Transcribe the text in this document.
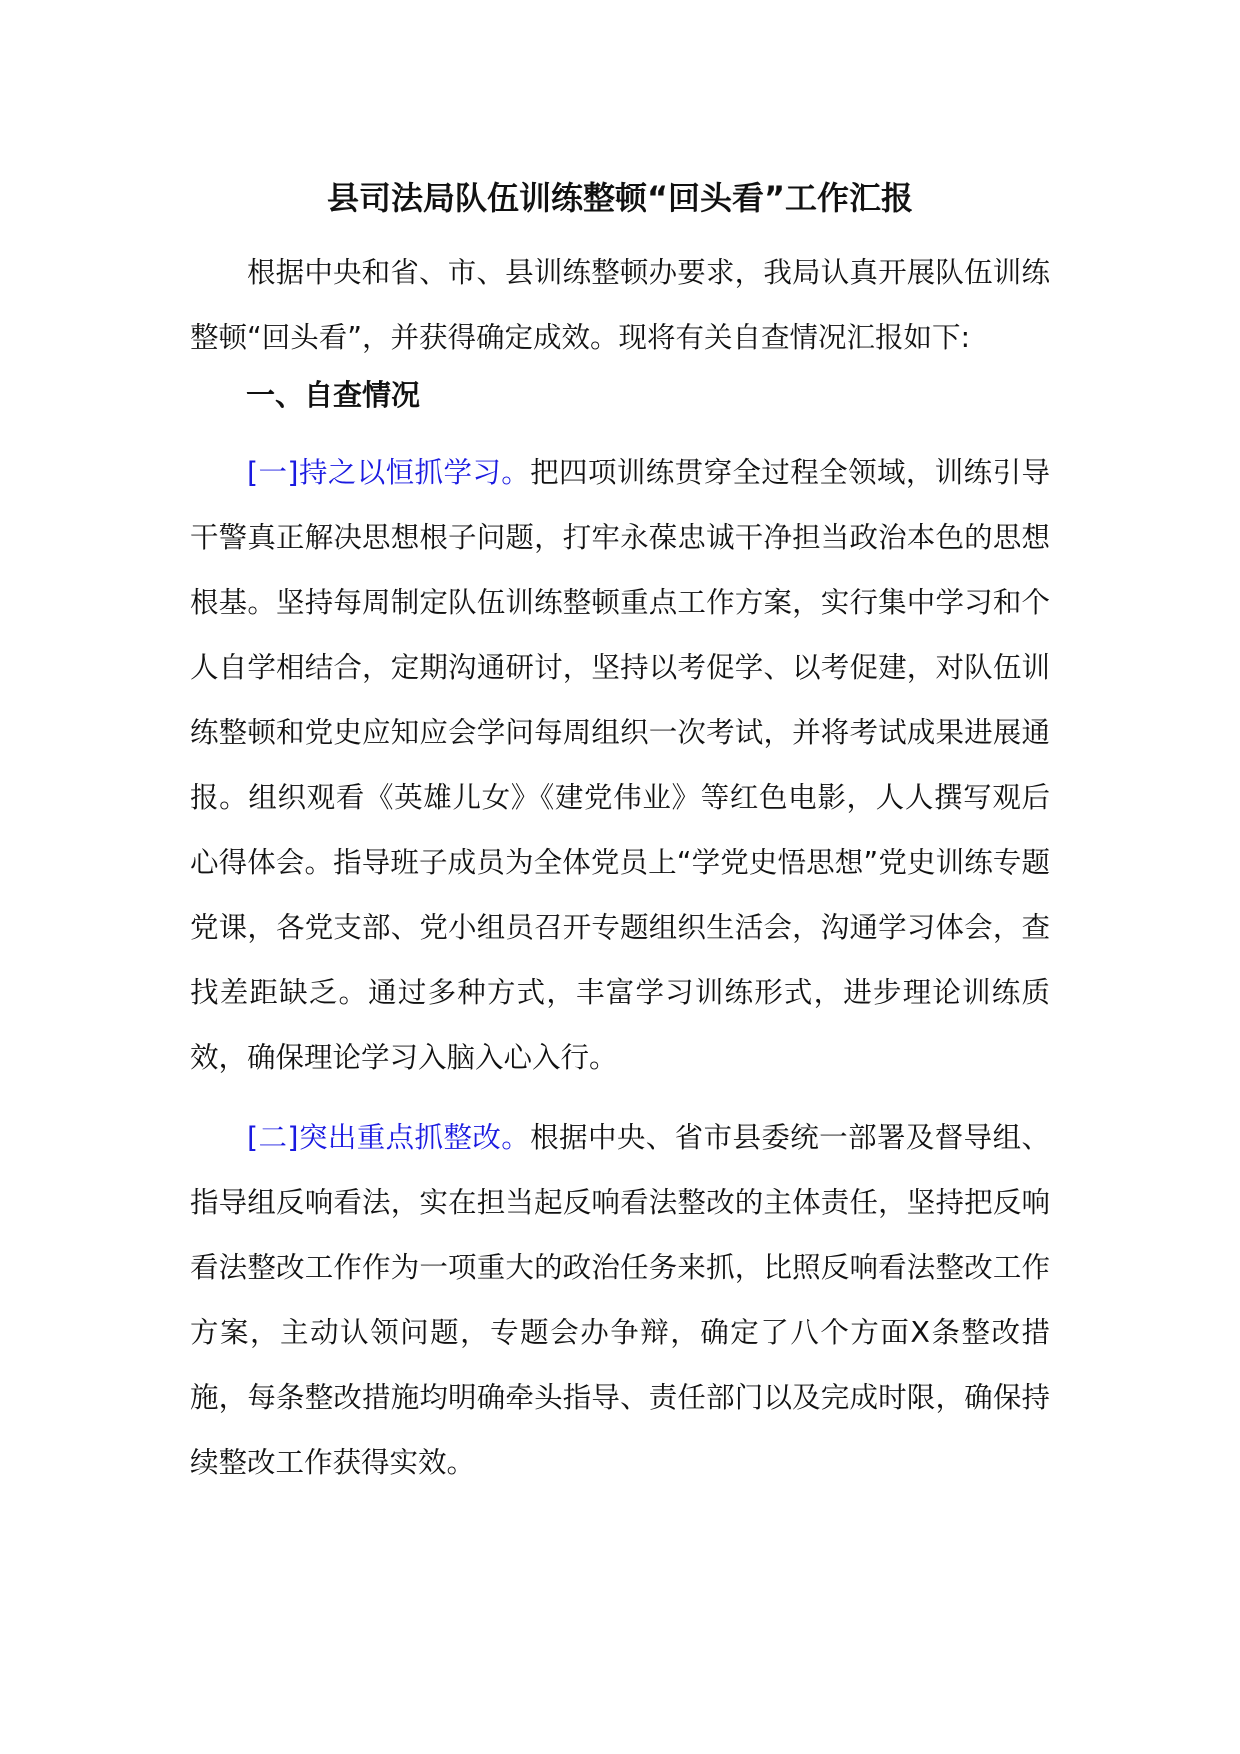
县司法局队伍训练整顿“回头看”工作汇报

根据中央和省、市、县训练整顿办要求，我局认真开展队伍训练整顿“回头看”，并获得确定成效。现将有关自查情况汇报如下:

一、自查情况

[一]持之以恒抓学习。把四项训练贯穿全过程全领域，训练引导干警真正解决思想根子问题，打牢永葆忠诚干净担当政治本色的思想根基。坚持每周制定队伍训练整顿重点工作方案，实行集中学习和个人自学相结合，定期沟通研讨，坚持以考促学、以考促建，对队伍训练整顿和党史应知应会学问每周组织一次考试，并将考试成果进展通报。组织观看《英雄儿女》《建党伟业》等红色电影，人人撰写观后心得体会。指导班子成员为全体党员上“学党史悟思想”党史训练专题党课，各党支部、党小组员召开专题组织生活会，沟通学习体会，查找差距缺乏。通过多种方式，丰富学习训练形式，进步理论训练质效，确保理论学习入脑入心入行。

[二]突出重点抓整改。根据中央、省市县委统一部署及督导组、指导组反响看法，实在担当起反响看法整改的主体责任，坚持把反响看法整改工作作为一项重大的政治任务来抓，比照反响看法整改工作方案，主动认领问题，专题会办争辩，确定了八个方面X条整改措施，每条整改措施均明确牵头指导、责任部门以及完成时限，确保持续整改工作获得实效。
